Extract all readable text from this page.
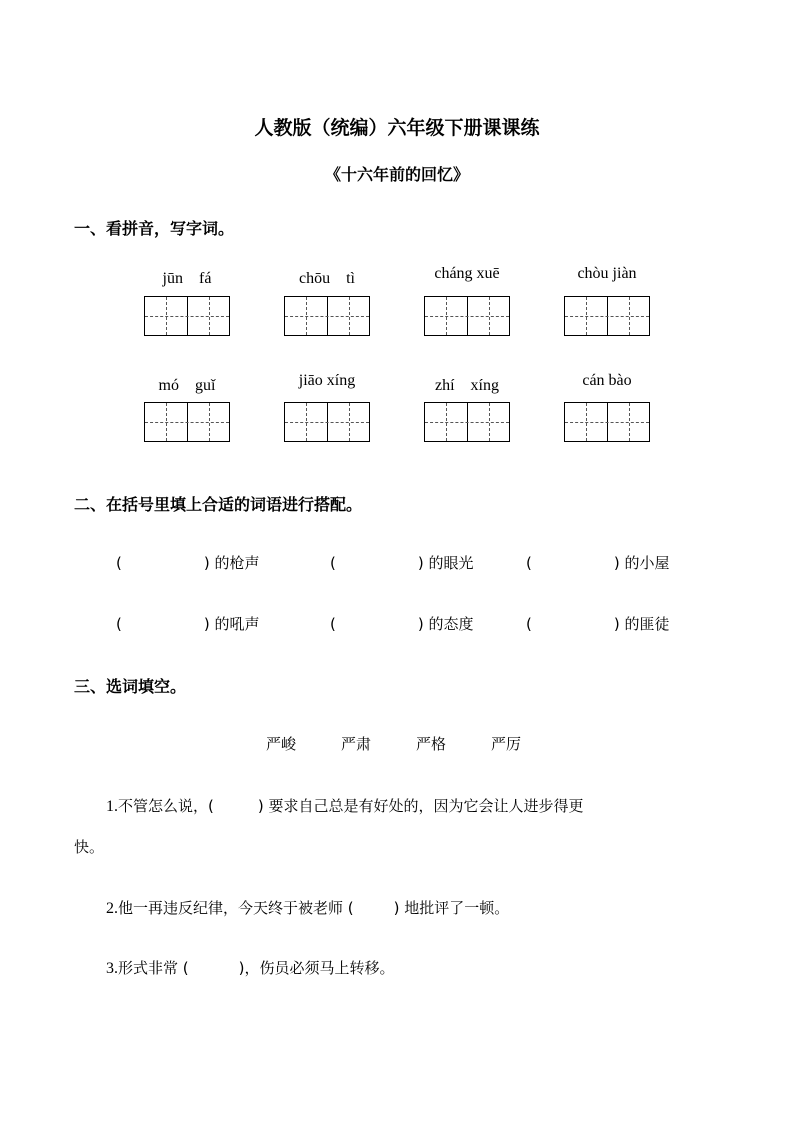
人教版（统编）六年级下册课课练
《十六年前的回忆》
一、看拼音，写字词。
jūn　fá	chōu　tì	cháng xuē	chòu jiàn
mó　guǐ	jiāo xíng	zhí　xíng	cán bào
二、在括号里填上合适的词语进行搭配。
(	) 的枪声	(	) 的眼光	(	) 的小屋
(	) 的吼声	(	) 的态度	(	) 的匪徒
三、选词填空。
严峻	严肃	严格	严厉
1.不管怎么说，(	) 要求自己总是有好处的，因为它会让人进步得更
快。
2.他一再违反纪律，今天终于被老师 (	) 地批评了一顿。
3.形式非常 (	)，伤员必须马上转移。
